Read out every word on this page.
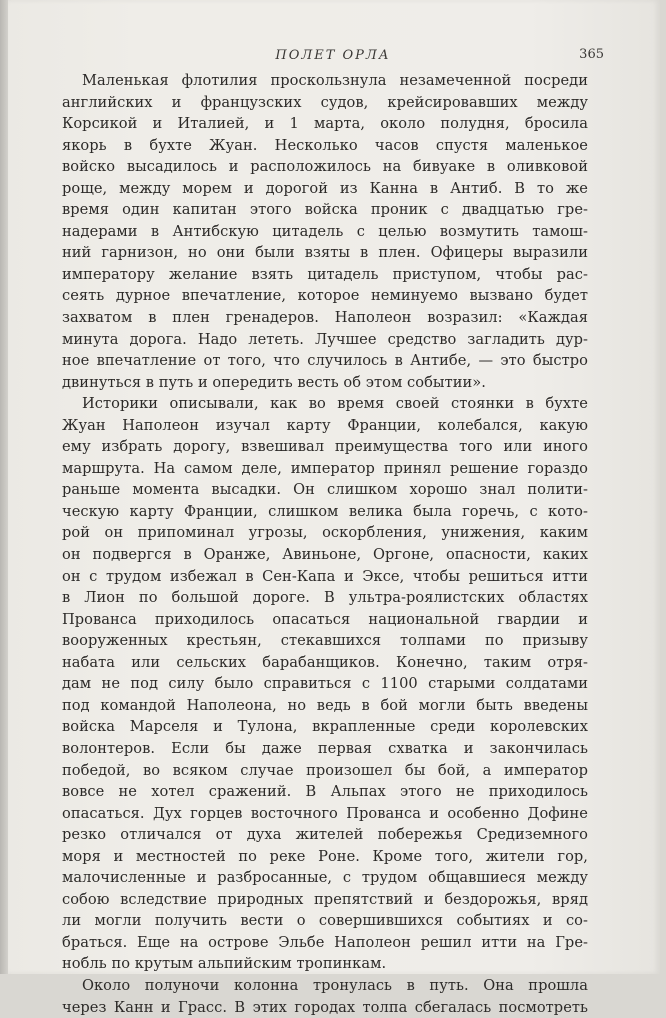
ПОЛЕТ ОРЛА	365
Маленькая флотилия проскользнула незамеченной посреди
английских и французских судов, крейсировавших между
Корсикой и Италией, и 1 марта, около полудня, бросила
якорь в бухте Жуан. Несколько часов спустя маленькое
войско высадилось и расположилось на бивуаке в оливковой
роще, между морем и дорогой из Канна в Антиб. В то же
время один капитан этого войска проник с двадцатью гре-
надерами в Антибскую цитадель с целью возмутить тамош-
ний гарнизон, но они были взяты в плен. Офицеры выразили
императору желание взять цитадель приступом, чтобы рас-
сеять дурное впечатление, которое неминуемо вызвано будет
захватом в плен гренадеров. Наполеон возразил: «Каждая
минута дорога. Надо лететь. Лучшее средство загладить дур-
ное впечатление от того, что случилось в Антибе, — это быстро
двинуться в путь и опередить весть об этом событии».
Историки описывали, как во время своей стоянки в бухте
Жуан Наполеон изучал карту Франции, колебался, какую
ему избрать дорогу, взвешивал преимущества того или иного
маршрута. На самом деле, император принял решение гораздо
раньше момента высадки. Он слишком хорошо знал полити-
ческую карту Франции, слишком велика была горечь, с кото-
рой он припоминал угрозы, оскорбления, унижения, каким
он подвергся в Оранже, Авиньоне, Оргоне, опасности, каких
он с трудом избежал в Сен-Капа и Эксе, чтобы решиться итти
в Лион по большой дороге. В ультра-роялистских областях
Прованса приходилось опасаться национальной гвардии и
вооруженных крестьян, стекавшихся толпами по призыву
набата или сельских барабанщиков. Конечно, таким отря-
дам не под силу было справиться с 1100 старыми солдатами
под командой Наполеона, но ведь в бой могли быть введены
войска Марселя и Тулона, вкрапленные среди королевских
волонтеров. Если бы даже первая схватка и закончилась
победой, во всяком случае произошел бы бой, а император
вовсе не хотел сражений. В Альпах этого не приходилось
опасаться. Дух горцев восточного Прованса и особенно Дофине
резко отличался от духа жителей побережья Средиземного
моря и местностей по реке Роне. Кроме того, жители гор,
малочисленные и разбросанные, с трудом общавшиеся между
собою вследствие природных препятствий и бездорожья, вряд
ли могли получить вести о совершившихся событиях и со-
браться. Еще на острове Эльбе Наполеон решил итти на Гре-
нобль по крутым альпийским тропинкам.
Около полуночи колонна тронулась в путь. Она прошла
через Канн и Грасс. В этих городах толпа сбегалась посмотреть
